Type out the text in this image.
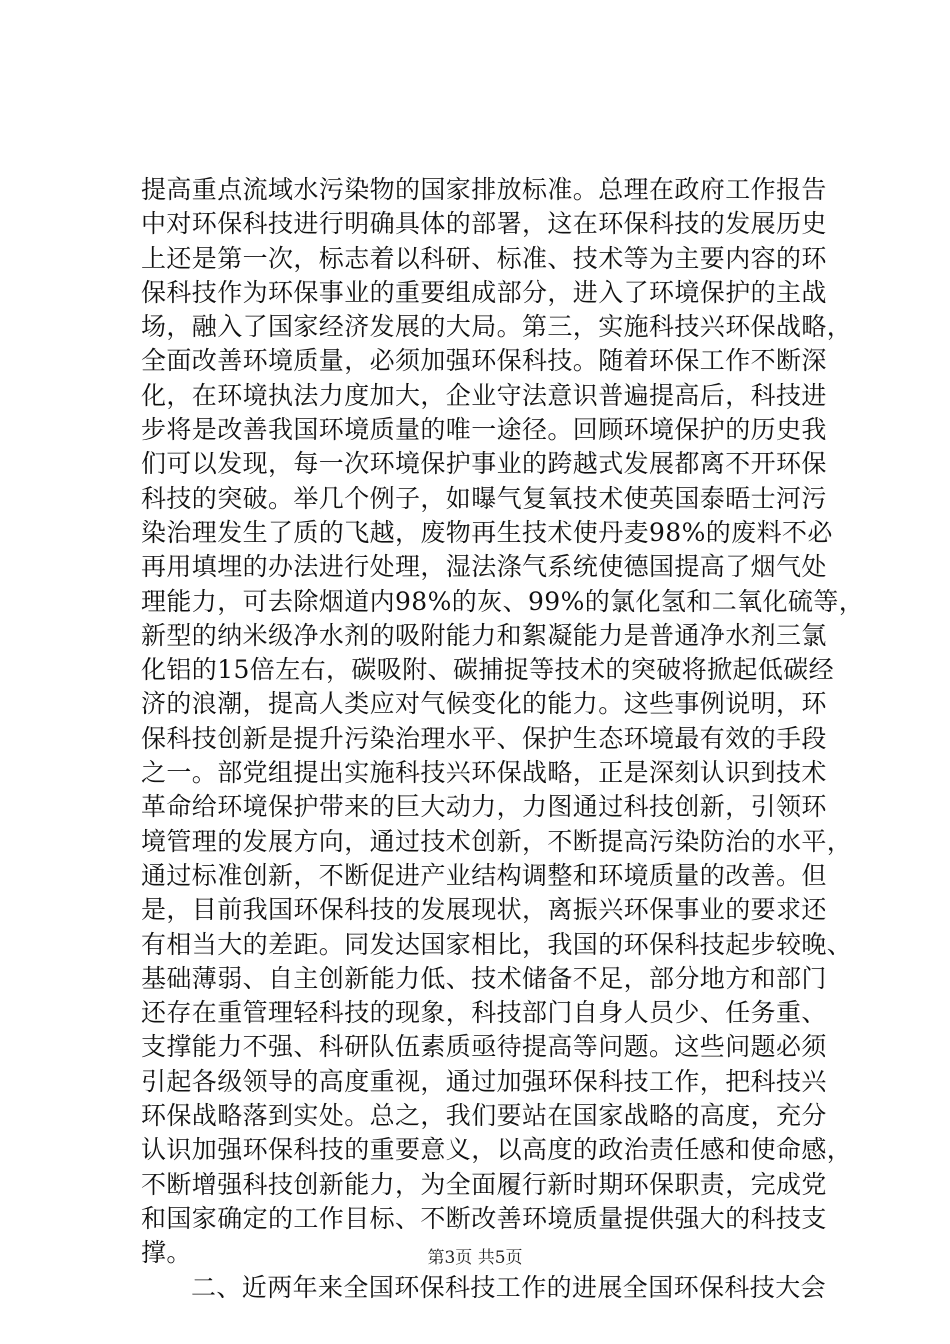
提高重点流域水污染物的国家排放标准。总理在政府工作报告
中对环保科技进行明确具体的部署，这在环保科技的发展历史
上还是第一次，标志着以科研、标准、技术等为主要内容的环
保科技作为环保事业的重要组成部分，进入了环境保护的主战
场，融入了国家经济发展的大局。第三，实施科技兴环保战略，
全面改善环境质量，必须加强环保科技。随着环保工作不断深
化，在环境执法力度加大，企业守法意识普遍提高后，科技进
步将是改善我国环境质量的唯一途径。回顾环境保护的历史我
们可以发现，每一次环境保护事业的跨越式发展都离不开环保
科技的突破。举几个例子，如曝气复氧技术使英国泰晤士河污
染治理发生了质的飞越，废物再生技术使丹麦98%的废料不必
再用填埋的办法进行处理，湿法涤气系统使德国提高了烟气处
理能力，可去除烟道内98%的灰、99%的氯化氢和二氧化硫等，
新型的纳米级净水剂的吸附能力和絮凝能力是普通净水剂三氯
化铝的15倍左右，碳吸附、碳捕捉等技术的突破将掀起低碳经
济的浪潮，提高人类应对气候变化的能力。这些事例说明，环
保科技创新是提升污染治理水平、保护生态环境最有效的手段
之一。部党组提出实施科技兴环保战略，正是深刻认识到技术
革命给环境保护带来的巨大动力，力图通过科技创新，引领环
境管理的发展方向，通过技术创新，不断提高污染防治的水平，
通过标准创新，不断促进产业结构调整和环境质量的改善。但
是，目前我国环保科技的发展现状，离振兴环保事业的要求还
有相当大的差距。同发达国家相比，我国的环保科技起步较晚、
基础薄弱、自主创新能力低、技术储备不足，部分地方和部门
还存在重管理轻科技的现象，科技部门自身人员少、任务重、
支撑能力不强、科研队伍素质亟待提高等问题。这些问题必须
引起各级领导的高度重视，通过加强环保科技工作，把科技兴
环保战略落到实处。总之，我们要站在国家战略的高度，充分
认识加强环保科技的重要意义，以高度的政治责任感和使命感，
不断增强科技创新能力，为全面履行新时期环保职责，完成党
和国家确定的工作目标、不断改善环境质量提供强大的科技支
撑。
二、近两年来全国环保科技工作的进展全国环保科技大会
第3页 共5页
